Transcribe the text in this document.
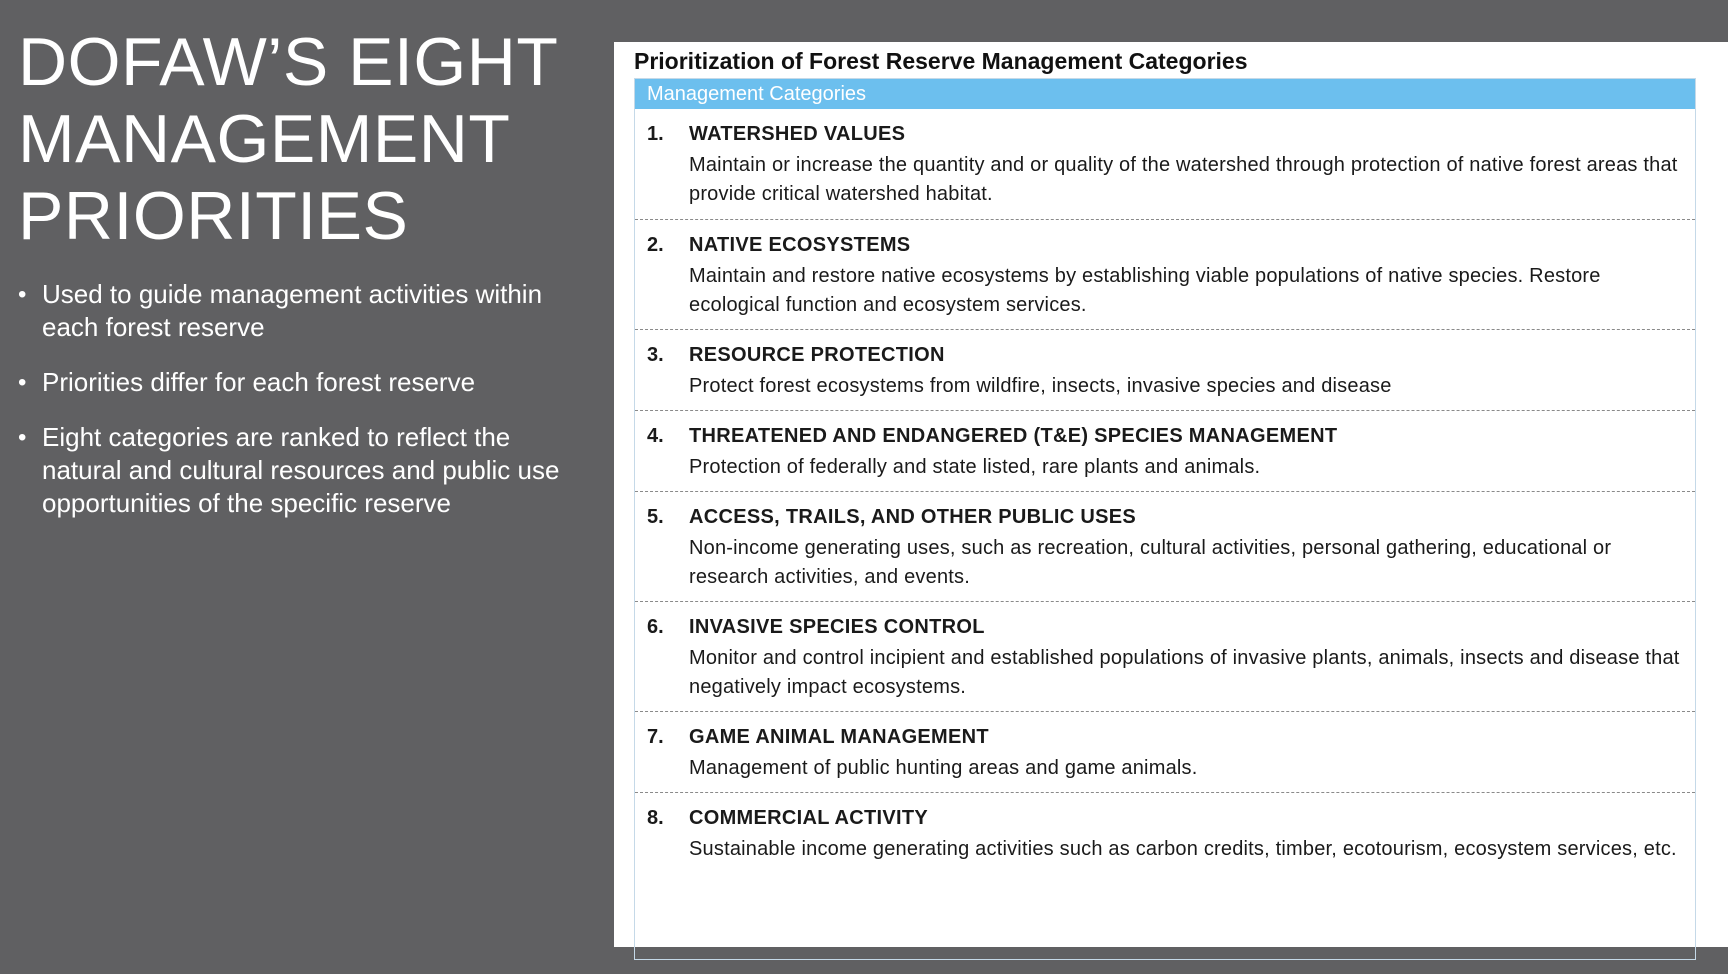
DOFAW’S EIGHT MANAGEMENT PRIORITIES
• Used to guide management activities within each forest reserve
• Priorities differ for each forest reserve
• Eight categories are ranked to reflect the natural and cultural resources and public use opportunities of the specific reserve
Prioritization of Forest Reserve Management Categories
Management Categories
1. WATERSHED VALUES
Maintain or increase the quantity and or quality of the watershed through protection of native forest areas that provide critical watershed habitat.
2. NATIVE ECOSYSTEMS
Maintain and restore native ecosystems by establishing viable populations of native species. Restore ecological function and ecosystem services.
3. RESOURCE PROTECTION
Protect forest ecosystems from wildfire, insects, invasive species and disease
4. THREATENED AND ENDANGERED (T&E) SPECIES MANAGEMENT
Protection of federally and state listed, rare plants and animals.
5. ACCESS, TRAILS, AND OTHER PUBLIC USES
Non-income generating uses, such as recreation, cultural activities, personal gathering, educational or research activities, and events.
6. INVASIVE SPECIES CONTROL
Monitor and control incipient and established populations of invasive plants, animals, insects and disease that negatively impact ecosystems.
7. GAME ANIMAL MANAGEMENT
Management of public hunting areas and game animals.
8. COMMERCIAL ACTIVITY
Sustainable income generating activities such as carbon credits, timber, ecotourism, ecosystem services, etc.
